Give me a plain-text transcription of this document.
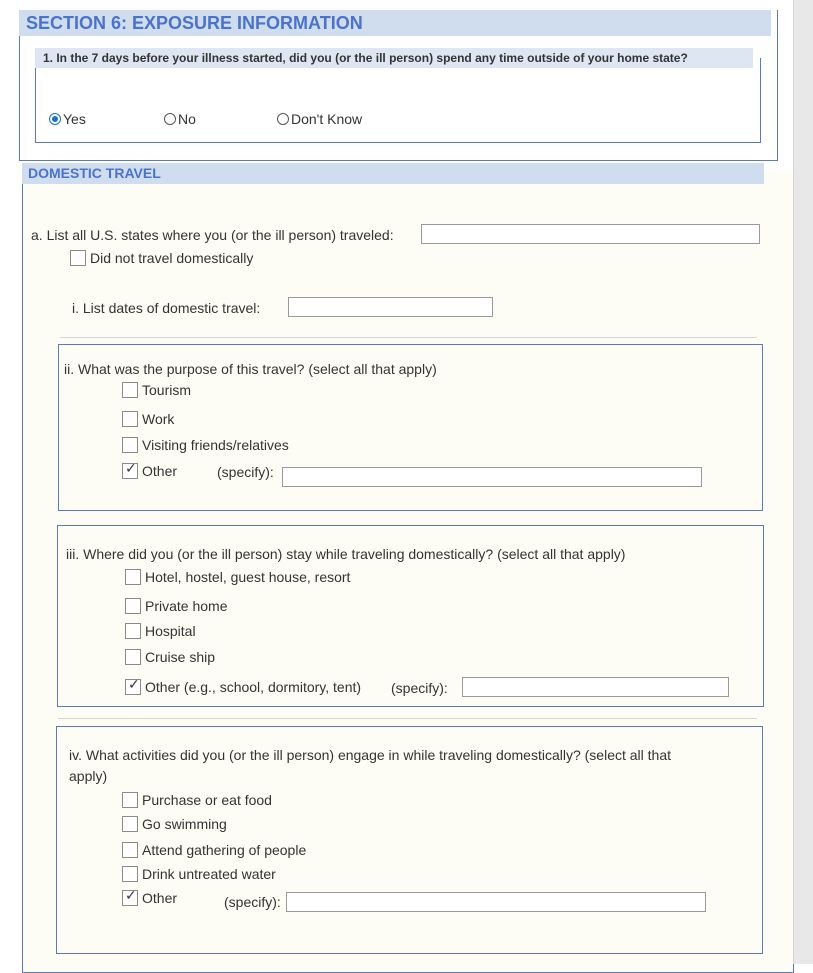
SECTION 6: EXPOSURE INFORMATION
1. In the 7 days before your illness started, did you (or the ill person) spend any time outside of your home state?
Yes	No	Don't Know
DOMESTIC TRAVEL
a. List all U.S. states where you (or the ill person) traveled:
Did not travel domestically
i. List dates of domestic travel:
ii. What was the purpose of this travel? (select all that apply)
Tourism
Work
Visiting friends/relatives
✓
Other	(specify):
iii. Where did you (or the ill person) stay while traveling domestically? (select all that apply)
Hotel, hostel, guest house, resort
Private home
Hospital
Cruise ship
✓
Other (e.g., school, dormitory, tent) (specify):
iv. What activities did you (or the ill person) engage in while traveling domestically? (select all that
apply)
Purchase or eat food
Go swimming
Attend gathering of people
Drink untreated water
✓
Other	(specify):
